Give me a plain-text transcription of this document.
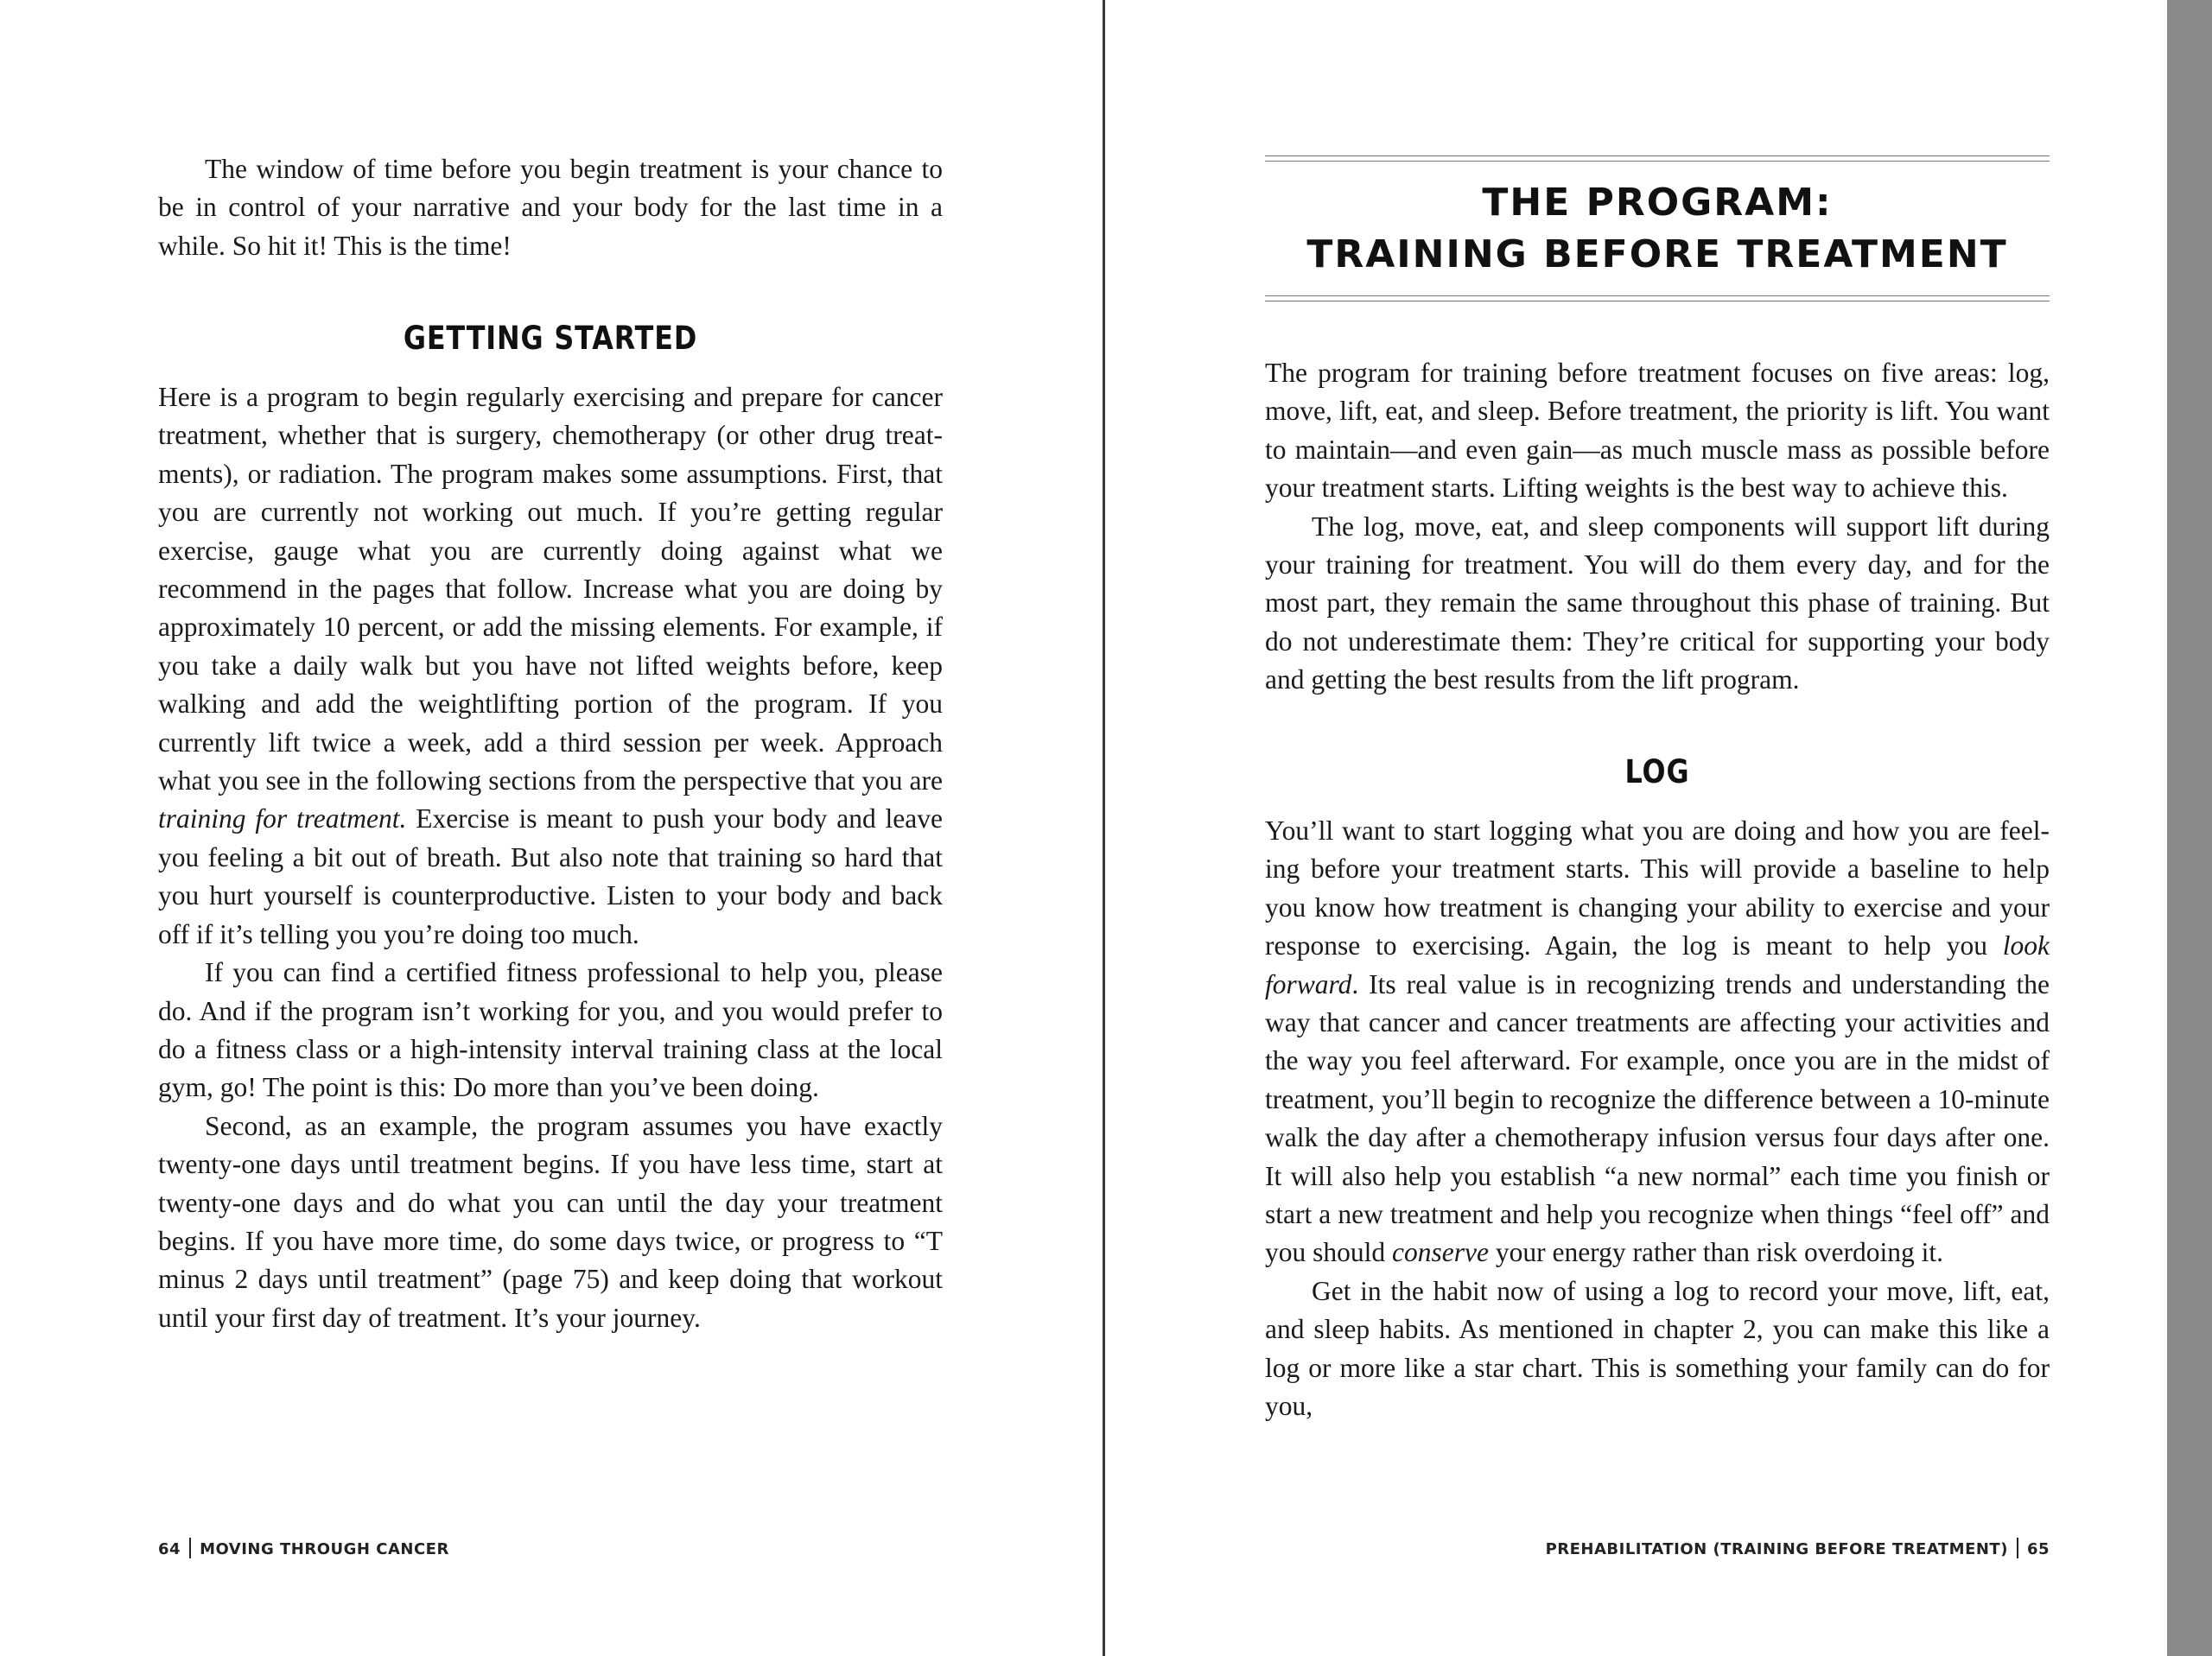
The window of time before you begin treatment is your chance to be in control of your narrative and your body for the last time in a while. So hit it! This is the time!

GETTING STARTED

Here is a program to begin regularly exercising and prepare for cancer treatment, whether that is surgery, chemotherapy (or other drug treatments), or radiation. The program makes some assumptions. First, that you are currently not working out much. If you’re getting regular exercise, gauge what you are currently doing against what we recommend in the pages that follow. Increase what you are doing by approximately 10 percent, or add the missing elements. For example, if you take a daily walk but you have not lifted weights before, keep walking and add the weightlifting portion of the program. If you currently lift twice a week, add a third session per week. Approach what you see in the following sections from the perspective that you are training for treatment. Exercise is meant to push your body and leave you feeling a bit out of breath. But also note that training so hard that you hurt yourself is counterproductive. Listen to your body and back off if it’s telling you you’re doing too much.

If you can find a certified fitness professional to help you, please do. And if the program isn’t working for you, and you would prefer to do a fitness class or a high-intensity interval training class at the local gym, go! The point is this: Do more than you’ve been doing.

Second, as an example, the program assumes you have exactly twenty-one days until treatment begins. If you have less time, start at twenty-one days and do what you can until the day your treatment begins. If you have more time, do some days twice, or progress to “T minus 2 days until treatment” (page 75) and keep doing that workout until your first day of treatment. It’s your journey.

64 MOVING THROUGH CANCER
THE PROGRAM:
TRAINING BEFORE TREATMENT

The program for training before treatment focuses on five areas: log, move, lift, eat, and sleep. Before treatment, the priority is lift. You want to maintain—and even gain—as much muscle mass as possible before your treatment starts. Lifting weights is the best way to achieve this.

The log, move, eat, and sleep components will support lift during your training for treatment. You will do them every day, and for the most part, they remain the same throughout this phase of training. But do not underestimate them: They’re critical for supporting your body and getting the best results from the lift program.

LOG

You’ll want to start logging what you are doing and how you are feeling before your treatment starts. This will provide a baseline to help you know how treatment is changing your ability to exercise and your response to exercising. Again, the log is meant to help you look forward. Its real value is in recognizing trends and understanding the way that cancer and cancer treatments are affecting your activities and the way you feel afterward. For example, once you are in the midst of treatment, you’ll begin to recognize the difference between a 10-minute walk the day after a chemotherapy infusion versus four days after one. It will also help you establish “a new normal” each time you finish or start a new treatment and help you recognize when things “feel off” and you should conserve your energy rather than risk overdoing it.

Get in the habit now of using a log to record your move, lift, eat, and sleep habits. As mentioned in chapter 2, you can make this like a log or more like a star chart. This is something your family can do for you,

PREHABILITATION (TRAINING BEFORE TREATMENT) 65
